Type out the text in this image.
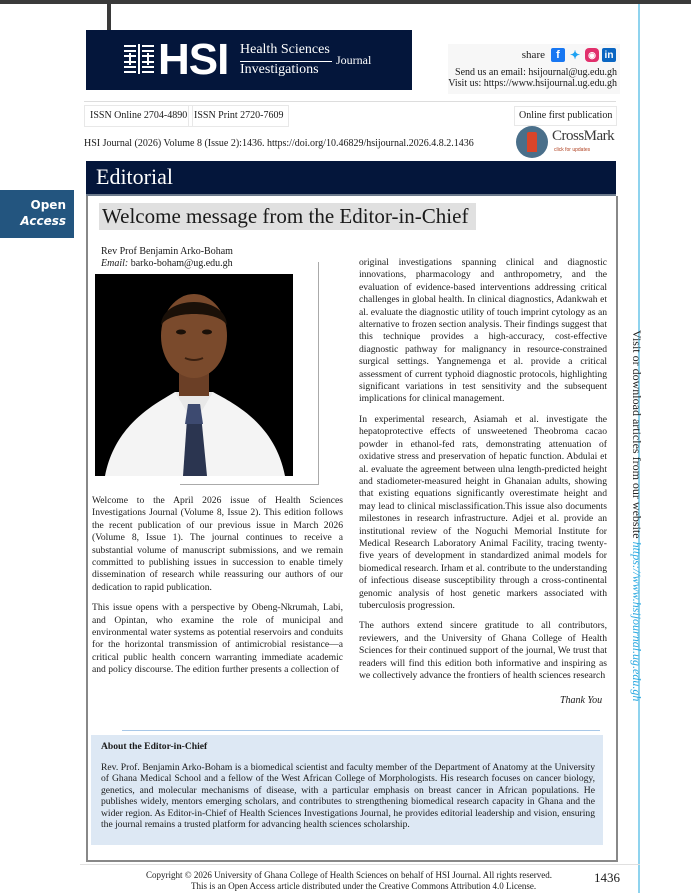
HSI Health Sciences
Investigations
Journal	share	f ✦ ◉ in
Send us an email: hsijournal@ug.edu.gh
Visit us: https://www.hsijournal.ug.edu.gh
ISSN Online 2704-4890 ISSN Print 2720-7609	Online first publication
HSI Journal (2026) Volume 8 (Issue 2):1436. https://doi.org/10.46829/hsijournal.2026.4.8.2.1436	CrossMark
click for updates
Editorial
Open
Access Welcome message from the Editor-in-Chief
Rev Prof Benjamin Arko-Boham
Email: barko-boham@ug.edu.gh

Welcome to the April 2026 issue of Health Sciences Investigations Journal (Volume 8, Issue 2). This edition follows the recent publication of our previous issue in March 2026 (Volume 8, Issue 1). The journal continues to receive a substantial volume of manuscript submissions, and we remain committed to publishing issues in succession to enable timely dissemination of research while reassuring our authors of our dedication to rapid publication.

This issue opens with a perspective by Obeng-Nkrumah, Labi, and Opintan, who examine the role of municipal and environmental water systems as potential reservoirs and conduits for the horizontal transmission of antimicrobial resistance—a critical public health concern warranting immediate academic and policy discourse. The edition further presents a collection of

original investigations spanning clinical and diagnostic innovations, pharmacology and anthropometry, and the evaluation of evidence-based interventions addressing critical challenges in global health. In clinical diagnostics, Adankwah et al. evaluate the diagnostic utility of touch imprint cytology as an alternative to frozen section analysis. Their findings suggest that this technique provides a high-accuracy, cost-effective diagnostic pathway for malignancy in resource-constrained surgical settings. Yangnemenga et al. provide a critical assessment of current typhoid diagnostic protocols, highlighting significant variations in test sensitivity and the subsequent implications for clinical management.

In experimental research, Asiamah et al. investigate the hepatoprotective effects of unsweetened Theobroma cacao powder in ethanol-fed rats, demonstrating attenuation of oxidative stress and preservation of hepatic function. Abdulai et al. evaluate the agreement between ulna length-predicted height and stadiometer-measured height in Ghanaian adults, showing that existing equations significantly overestimate height and may lead to clinical misclassification.This issue also documents milestones in research infrastructure. Adjei et al. provide an institutional review of the Noguchi Memorial Institute for Medical Research Laboratory Animal Facility, tracing twenty-five years of development in standardized animal models for biomedical research. Irham et al. contribute to the understanding of infectious disease susceptibility through a cross-continental genomic analysis of host genetic markers associated with tuberculosis progression.

The authors extend sincere gratitude to all contributors, reviewers, and the University of Ghana College of Health Sciences for their continued support of the journal, We trust that readers will find this edition both informative and inspiring as we collectively advance the frontiers of health sciences research

Thank You
About the Editor-in-Chief
Rev. Prof. Benjamin Arko-Boham is a biomedical scientist and faculty member of the Department of Anatomy at the University of Ghana Medical School and a fellow of the West African College of Morphologists. His research focuses on cancer biology, genetics, and molecular mechanisms of disease, with a particular emphasis on breast cancer in African populations. He publishes widely, mentors emerging scholars, and contributes to strengthening biomedical research capacity in Ghana and the wider region. As Editor-in-Chief of Health Sciences Investigations Journal, he provides editorial leadership and vision, ensuring the journal remains a trusted platform for advancing health sciences scholarship.
Copyright © 2026 University of Ghana College of Health Sciences on behalf of HSI Journal. All rights reserved.
This is an Open Access article distributed under the Creative Commons Attribution 4.0 License.
1436
Visit or download articles from our website https://www.hsijournal.ug.edu.gh
